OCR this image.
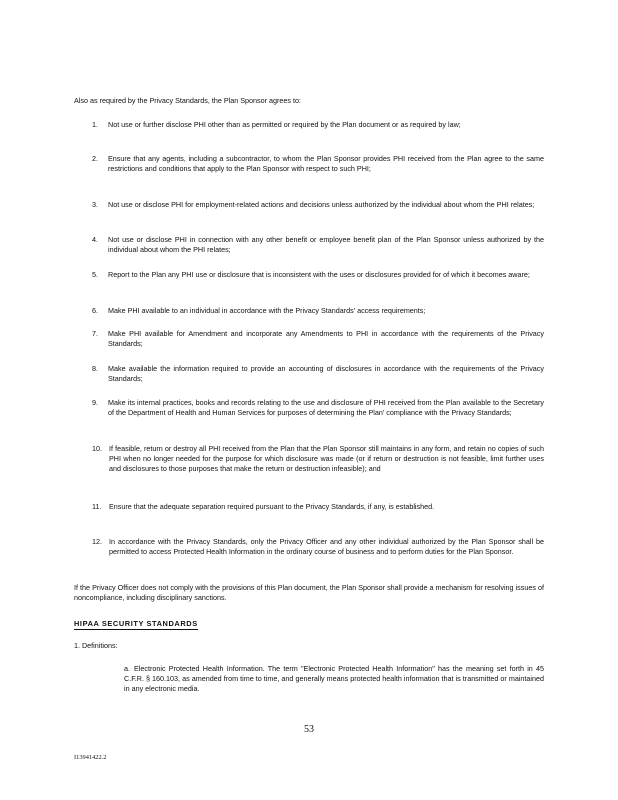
Also as required by the Privacy Standards, the Plan Sponsor agrees to:
1. Not use or further disclose PHI other than as permitted or required by the Plan document or as required by law;
2. Ensure that any agents, including a subcontractor, to whom the Plan Sponsor provides PHI received from the Plan agree to the same restrictions and conditions that apply to the Plan Sponsor with respect to such PHI;
3. Not use or disclose PHI for employment-related actions and decisions unless authorized by the individual about whom the PHI relates;
4. Not use or disclose PHI in connection with any other benefit or employee benefit plan of the Plan Sponsor unless authorized by the individual about whom the PHI relates;
5. Report to the Plan any PHI use or disclosure that is inconsistent with the uses or disclosures provided for of which it becomes aware;
6. Make PHI available to an individual in accordance with the Privacy Standards' access requirements;
7. Make PHI available for Amendment and incorporate any Amendments to PHI in accordance with the requirements of the Privacy Standards;
8. Make available the information required to provide an accounting of disclosures in accordance with the requirements of the Privacy Standards;
9. Make its internal practices, books and records relating to the use and disclosure of PHI received from the Plan available to the Secretary of the Department of Health and Human Services for purposes of determining the Plan' compliance with the Privacy Standards;
10. If feasible, return or destroy all PHI received from the Plan that the Plan Sponsor still maintains in any form, and retain no copies of such PHI when no longer needed for the purpose for which disclosure was made (or if return or destruction is not feasible, limit further uses and disclosures to those purposes that make the return or destruction infeasible); and
11. Ensure that the adequate separation required pursuant to the Privacy Standards, if any, is established.
12. In accordance with the Privacy Standards, only the Privacy Officer and any other individual authorized by the Plan Sponsor shall be permitted to access Protected Health Information in the ordinary course of business and to perform duties for the Plan Sponsor.
If the Privacy Officer does not comply with the provisions of this Plan document, the Plan Sponsor shall provide a mechanism for resolving issues of noncompliance, including disciplinary sanctions.
HIPAA SECURITY STANDARDS
1. Definitions:
a. Electronic Protected Health Information. The term "Electronic Protected Health Information" has the meaning set forth in 45 C.F.R. § 160.103, as amended from time to time, and generally means protected health information that is transmitted or maintained in any electronic media.
53
I13941422.2
